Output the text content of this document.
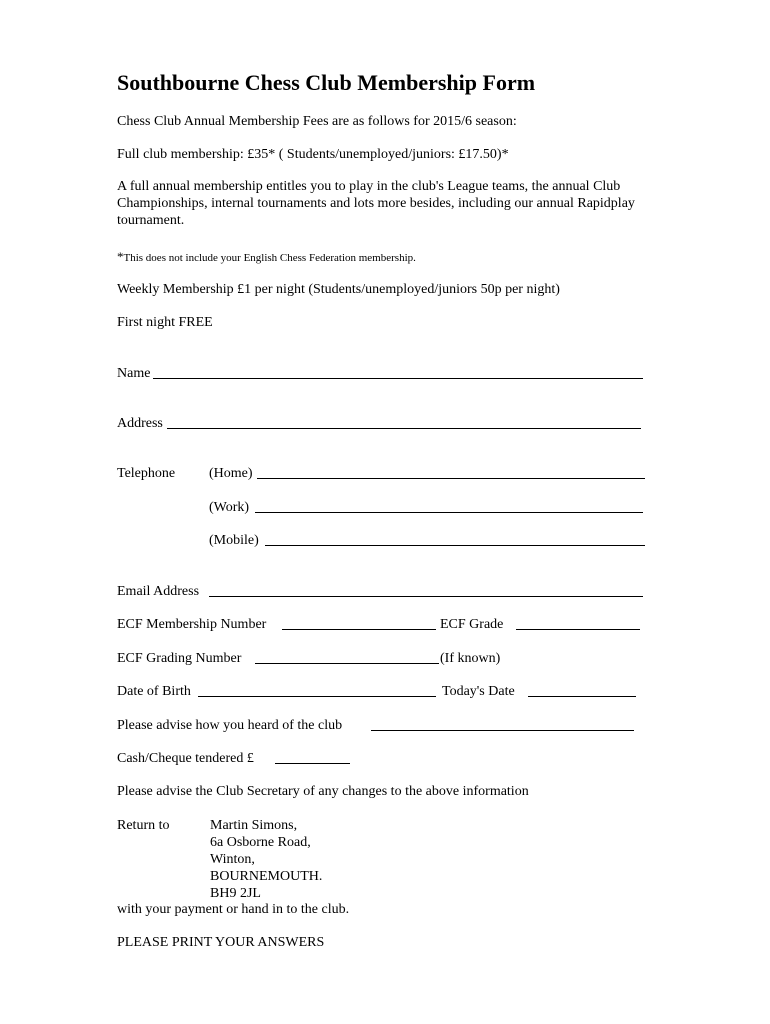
Southbourne Chess Club Membership Form
Chess Club Annual Membership Fees are as follows for 2015/6 season:
Full club membership: £35* ( Students/unemployed/juniors: £17.50)*
A full annual membership entitles you to play in the club's League teams, the annual Club Championships, internal tournaments and lots more besides, including our annual Rapidplay tournament.
*This does not include your English Chess Federation membership.
Weekly Membership £1 per night (Students/unemployed/juniors 50p per night)
First night FREE
Name
Address
Telephone (Home)
(Work)
(Mobile)
Email Address
ECF Membership Number	ECF Grade
ECF Grading Number	(If known)
Date of Birth	Today's Date
Please advise how you heard of the club
Cash/Cheque tendered £
Please advise the Club Secretary of any changes to the above information
Return to	Martin Simons,
6a Osborne Road,
Winton,
BOURNEMOUTH.
BH9 2JL
with your payment or hand in to the club.
PLEASE PRINT YOUR ANSWERS
